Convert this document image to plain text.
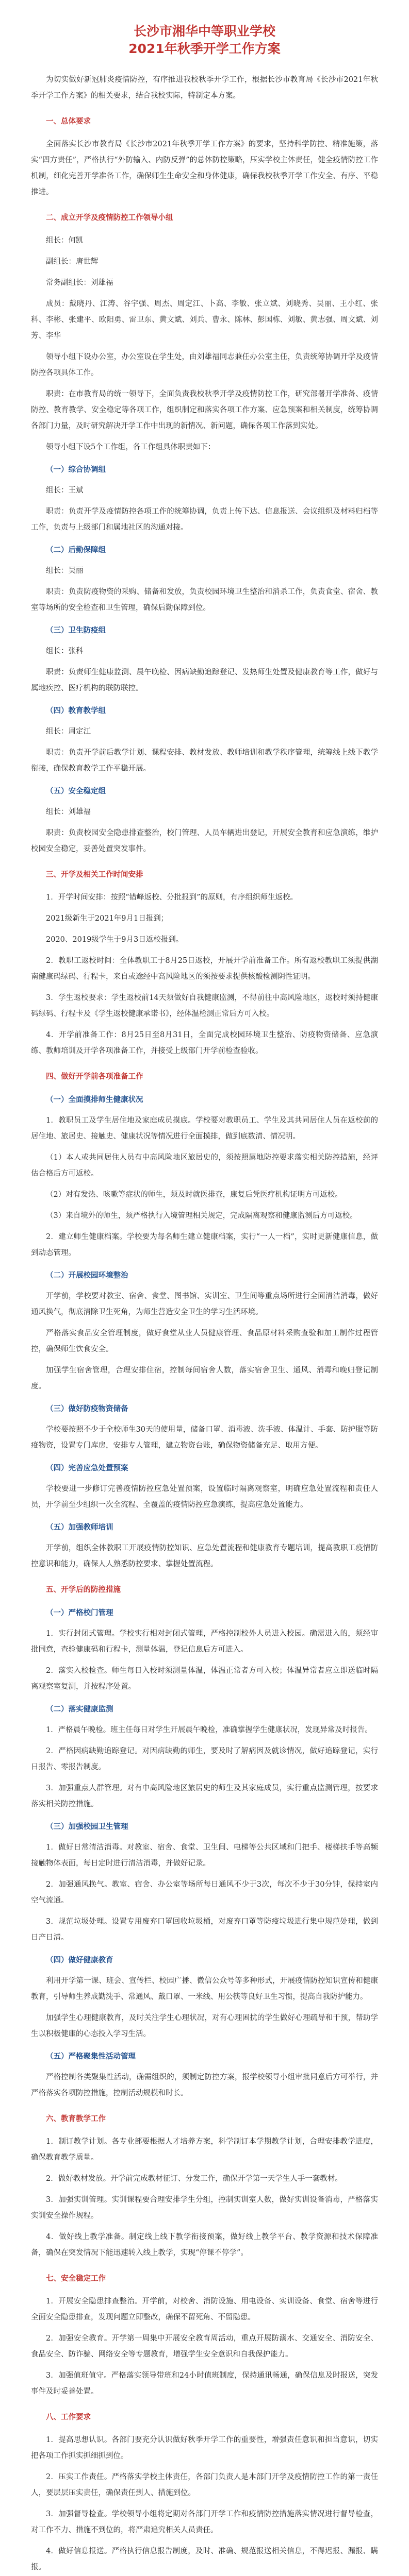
长沙市湘华中等职业学校
2021年秋季开学工作方案

为切实做好新冠肺炎疫情防控，有序推进我校秋季开学工作，根据长沙市教育局《长沙市2021年秋季开学工作方案》的相关要求，结合我校实际，特制定本方案。

一、总体要求

全面落实长沙市教育局《长沙市2021年秋季开学工作方案》的要求，坚持科学防控、精准施策，落实“四方责任”，严格执行“外防输入、内防反弹”的总体防控策略，压实学校主体责任，健全疫情防控工作机制，细化完善开学准备工作，确保师生生命安全和身体健康，确保我校秋季开学工作安全、有序、平稳推进。

二、成立开学及疫情防控工作领导小组

组长：何凯

副组长：唐世辉

常务副组长：刘雄福

成员：戴晓丹、江涛、谷宇强、周杰、周定江、卜高、李敏、张立斌、刘晓秀、吴丽、王小红、张科、李彬、张建平、欧阳勇、雷卫东、黄文斌、刘兵、曹永、陈林、彭国栋、刘敏、黄志强、周文斌、刘芳、李华

领导小组下设办公室，办公室设在学生处，由刘雄福同志兼任办公室主任，负责统筹协调开学及疫情防控各项具体工作。

职责：在市教育局的统一领导下，全面负责我校秋季开学及疫情防控工作，研究部署开学准备、疫情防控、教育教学、安全稳定等各项工作，组织制定和落实各项工作方案、应急预案和相关制度，统筹协调各部门力量，及时研究解决开学工作中出现的新情况、新问题，确保各项工作落到实处。

领导小组下设5个工作组，各工作组具体职责如下：

（一）综合协调组

组长：王斌

职责：负责开学及疫情防控各项工作的统筹协调，负责上传下达、信息报送、会议组织及材料归档等工作，负责与上级部门和属地社区的沟通对接。

（二）后勤保障组

组长：吴丽

职责：负责防疫物资的采购、储备和发放，负责校园环境卫生整治和消杀工作，负责食堂、宿舍、教室等场所的安全检查和卫生管理，确保后勤保障到位。

（三）卫生防疫组

组长：张科

职责：负责师生健康监测、晨午晚检、因病缺勤追踪登记、发热师生处置及健康教育等工作，做好与属地疾控、医疗机构的联防联控。

（四）教育教学组

组长：周定江

职责：负责开学前后教学计划、课程安排、教材发放、教师培训和教学秩序管理，统筹线上线下教学衔接，确保教育教学工作平稳开展。

（五）安全稳定组

组长：刘雄福

职责：负责校园安全隐患排查整治，校门管理、人员车辆进出登记，开展安全教育和应急演练，维护校园安全稳定，妥善处置突发事件。

三、开学及相关工作时间安排

1．开学时间安排：按照“错峰返校、分批报到”的原则，有序组织师生返校。

2021级新生于2021年9月1日报到；

2020、2019级学生于9月3日返校报到。

2．教职工返校时间：全体教职工于8月25日返校，开展开学前准备工作。所有返校教职工须提供湖南健康码绿码、行程卡，来自或途经中高风险地区的须按要求提供核酸检测阴性证明。

3．学生返校要求：学生返校前14天须做好自我健康监测，不得前往中高风险地区，返校时须持健康码绿码、行程卡及《学生返校健康承诺书》，经体温检测正常后方可入校。

4．开学前准备工作：8月25日至8月31日，全面完成校园环境卫生整治、防疫物资储备、应急演练、教师培训及开学各项准备工作，并接受上级部门开学前检查验收。

四、做好开学前各项准备工作

（一）全面摸排师生健康状况

1．教职员工及学生居住地及家庭成员摸底。学校要对教职员工、学生及其共同居住人员在返校前的居住地、旅居史、接触史、健康状况等情况进行全面摸排，做到底数清、情况明。

（1）本人或共同居住人员有中高风险地区旅居史的，须按照属地防控要求落实相关防控措施，经评估合格后方可返校。

（2）对有发热、咳嗽等症状的师生，须及时就医排查，康复后凭医疗机构证明方可返校。

（3）来自境外的师生，须严格执行入境管理相关规定，完成隔离观察和健康监测后方可返校。

2．建立师生健康档案。学校要为每名师生建立健康档案，实行“一人一档”，实时更新健康信息，做到动态管理。

（二）开展校园环境整治

开学前，学校要对教室、宿舍、食堂、图书馆、实训室、卫生间等重点场所进行全面清洁消毒，做好通风换气，彻底清除卫生死角，为师生营造安全卫生的学习生活环境。

严格落实食品安全管理制度，做好食堂从业人员健康管理、食品原材料采购查验和加工制作过程管控，确保师生饮食安全。

加强学生宿舍管理，合理安排住宿，控制每间宿舍人数，落实宿舍卫生、通风、消毒和晚归登记制度。

（三）做好防疫物资储备

学校要按照不少于全校师生30天的使用量，储备口罩、消毒液、洗手液、体温计、手套、防护服等防疫物资，设置专门库房，安排专人管理，建立物资台账，确保物资储备充足、取用方便。

（四）完善应急处置预案

学校要进一步修订完善疫情防控应急处置预案，设置临时隔离观察室，明确应急处置流程和责任人员，开学前至少组织一次全流程、全覆盖的疫情防控应急演练，提高应急处置能力。

（五）加强教师培训

开学前，组织全体教职工开展疫情防控知识、应急处置流程和健康教育专题培训，提高教职工疫情防控意识和能力，确保人人熟悉防控要求、掌握处置流程。

五、开学后的防控措施

（一）严格校门管理

1．实行封闭式管理。学校实行相对封闭式管理，严格控制校外人员进入校园。确需进入的，须经审批同意，查验健康码和行程卡，测量体温，登记信息后方可进入。

2．落实入校检查。师生每日入校时须测量体温，体温正常者方可入校；体温异常者应立即送临时隔离观察室复测，并按程序处置。

（二）落实健康监测

1．严格晨午晚检。班主任每日对学生开展晨午晚检，准确掌握学生健康状况，发现异常及时报告。

2．严格因病缺勤追踪登记。对因病缺勤的师生，要及时了解病因及就诊情况，做好追踪登记，实行日报告、零报告制度。

3．加强重点人群管理。对有中高风险地区旅居史的师生及其家庭成员，实行重点监测管理，按要求落实相关防控措施。

（三）加强校园卫生管理

1．做好日常清洁消毒。对教室、宿舍、食堂、卫生间、电梯等公共区域和门把手、楼梯扶手等高频接触物体表面，每日定时进行清洁消毒，并做好记录。

2．加强通风换气。教室、宿舍、办公室等场所每日通风不少于3次，每次不少于30分钟，保持室内空气流通。

3．规范垃圾处理。设置专用废弃口罩回收垃圾桶，对废弃口罩等防疫垃圾进行集中规范处理，做到日产日清。

（四）做好健康教育

利用开学第一课、班会、宣传栏、校园广播、微信公众号等多种形式，开展疫情防控知识宣传和健康教育，引导师生养成勤洗手、常通风、戴口罩、一米线、用公筷等良好卫生习惯，提高自我防护能力。

加强学生心理健康教育，及时关注学生心理状况，对有心理困扰的学生做好心理疏导和干预，帮助学生以积极健康的心态投入学习生活。

（五）严格聚集性活动管理

严格控制各类聚集性活动，确需组织的，须制定防控方案，报学校领导小组审批同意后方可举行，并严格落实各项防控措施，控制活动规模和时长。

六、教育教学工作

1．制订教学计划。各专业部要根据人才培养方案，科学制订本学期教学计划，合理安排教学进度，确保教育教学质量。

2．做好教材发放。开学前完成教材征订、分发工作，确保开学第一天学生人手一套教材。

3．加强实训管理。实训课程要合理安排学生分组，控制实训室人数，做好实训设备消毒，严格落实实训安全操作规程。

4．做好线上教学准备。制定线上线下教学衔接预案，做好线上教学平台、教学资源和技术保障准备，确保在突发情况下能迅速转入线上教学，实现“停课不停学”。

七、安全稳定工作

1．开展安全隐患排查整治。开学前，对校舍、消防设施、用电设备、实训设备、食堂、宿舍等进行全面安全隐患排查，发现问题立即整改，确保不留死角、不留隐患。

2．加强安全教育。开学第一周集中开展安全教育周活动，重点开展防溺水、交通安全、消防安全、食品安全、防诈骗、网络安全等专题教育，增强学生安全意识和自我保护能力。

3．加强值班值守。严格落实领导带班和24小时值班制度，保持通讯畅通，确保信息及时报送，突发事件及时妥善处置。

八、工作要求

1．提高思想认识。各部门要充分认识做好秋季开学工作的重要性，增强责任意识和担当意识，切实把各项工作抓实抓细抓到位。

2．压实工作责任。严格落实学校主体责任，各部门负责人是本部门开学及疫情防控工作的第一责任人，要层层压实责任，确保责任到人、措施到位。

3．加强督导检查。学校领导小组将定期对各部门开学工作和疫情防控措施落实情况进行督导检查，对工作不力、措施不到位的，将严肃追究相关人员责任。

4．做好信息报送。严格执行信息报告制度，及时、准确、规范报送相关信息，不得迟报、漏报、瞒报。
